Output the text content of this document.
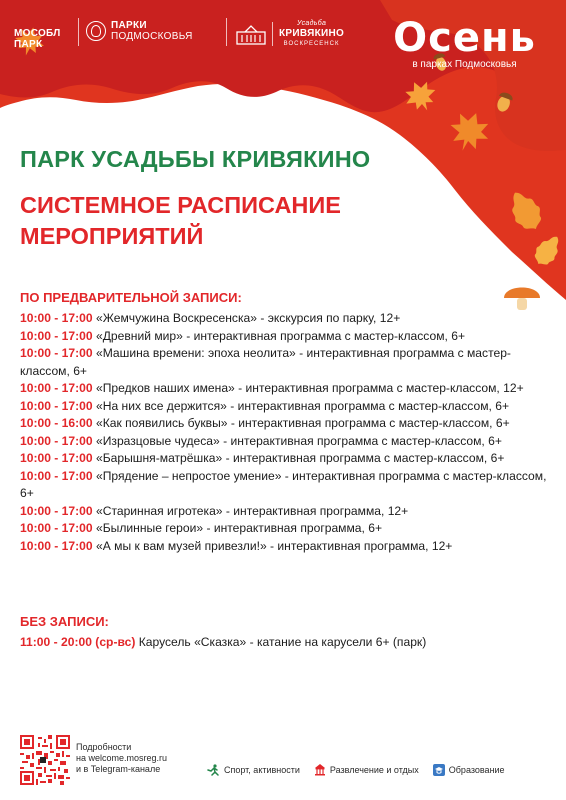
МОСОБЛ
ПАРК
ПАРКИ
ПОДМОСКОВЬЯ
Усадьба
КРИВЯКИНО
ВОСКРЕСЕНСК	Осень
в парках Подмосковья
ПАРК УСАДЬБЫ КРИВЯКИНО
СИСТЕМНОЕ РАСПИСАНИЕ
МЕРОПРИЯТИЙ

ПО ПРЕДВАРИТЕЛЬНОЙ ЗАПИСИ:

10:00 - 17:00 «Жемчужина Воскресенска» - экскурсия по парку, 12+
10:00 - 17:00 «Древний мир» - интерактивная программа с мастер-классом, 6+
10:00 - 17:00 «Машина времени: эпоха неолита» - интерактивная программа с мастер-классом, 6+
10:00 - 17:00 «Предков наших имена» - интерактивная программа с мастер-классом, 12+
10:00 - 17:00 «На них все держится» - интерактивная программа с мастер-классом, 6+
10:00 - 16:00 «Как появились буквы» - интерактивная программа с мастер-классом, 6+
10:00 - 17:00 «Изразцовые чудеса» - интерактивная программа с мастер-классом, 6+
10:00 - 17:00 «Барышня-матрёшка» - интерактивная программа с мастер-классом, 6+
10:00 - 17:00 «Прядение – непростое умение» - интерактивная программа с мастер-классом, 6+
10:00 - 17:00 «Старинная игротека» - интерактивная программа, 12+
10:00 - 17:00 «Былинные герои» - интерактивная программа, 6+
10:00 - 17:00 «А мы к вам музей привезли!» - интерактивная программа, 12+

БЕЗ ЗАПИСИ:

11:00 - 20:00 (ср-вс) Карусель «Сказка» - катание на карусели 6+ (парк)
Подробности
на welcome.mosreg.ru
и в Telegram-канале	Спорт, активности	Развлечение и отдых	Образование
